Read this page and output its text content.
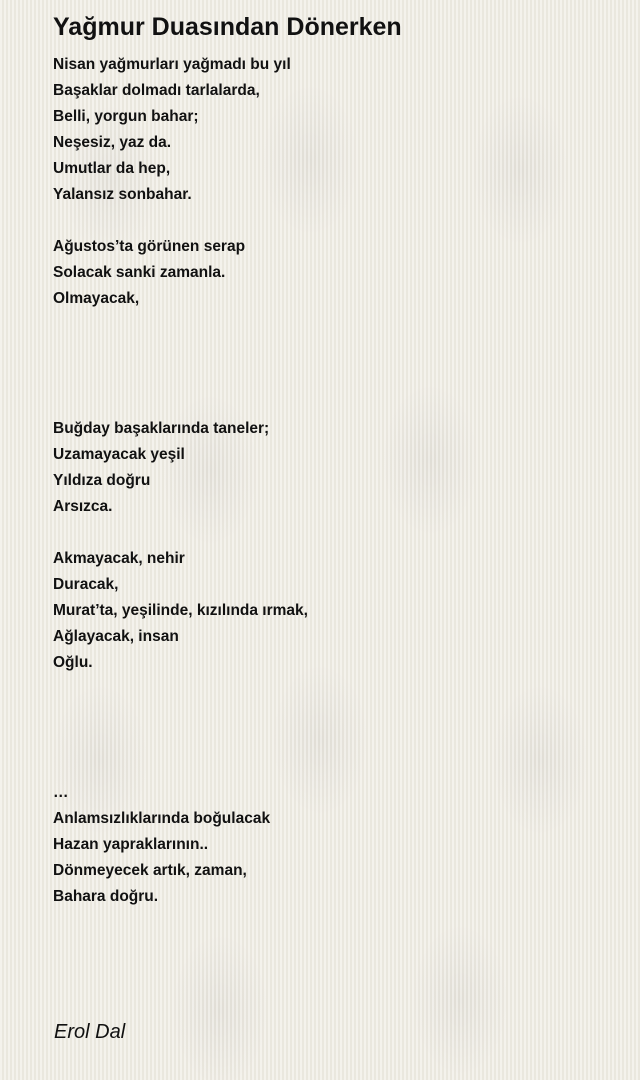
Yağmur Duasından Dönerken
Nisan yağmurları yağmadı bu yıl
Başaklar dolmadı tarlalarda,
Belli, yorgun bahar;
Neşesiz, yaz da.
Umutlar da hep,
Yalansız sonbahar.
Ağustos’ta görünen serap
Solacak sanki zamanla.
Olmayacak,
Buğday başaklarında taneler;
Uzamayacak yeşil
Yıldıza doğru
Arsızca.
Akmayacak, nehir
Duracak,
Murat’ta, yeşilinde, kızılında ırmak,
Ağlayacak, insan
Oğlu.
…
Anlamsızlıklarında boğulacak
Hazan yapraklarının..
Dönmeyecek artık, zaman,
Bahara doğru.
Erol Dal
